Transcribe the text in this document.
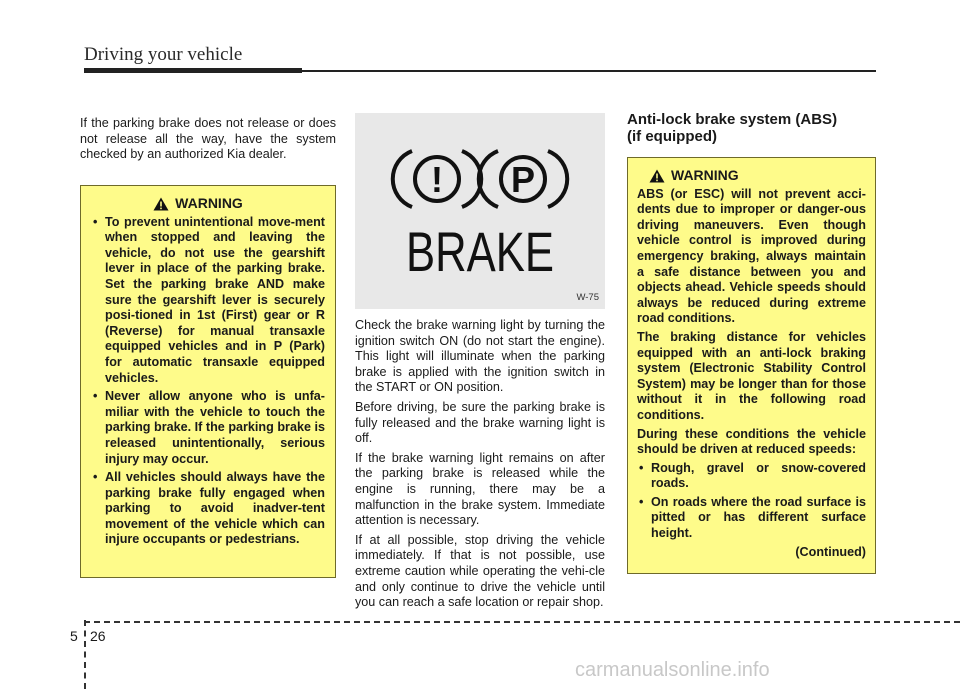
Driving your vehicle

If the parking brake does not release or does not release all the way, have the system checked by an authorized Kia dealer.

WARNING
• To prevent unintentional move-ment when stopped and leaving the vehicle, do not use the gearshift lever in place of the parking brake. Set the parking brake AND make sure the gearshift lever is securely posi-tioned in 1st (First) gear or R (Reverse) for manual transaxle equipped vehicles and in P (Park) for automatic transaxle equipped vehicles.
• Never allow anyone who is unfa-miliar with the vehicle to touch the parking brake. If the parking brake is released unintentionally, serious injury may occur.
• All vehicles should always have the parking brake fully engaged when parking to avoid inadver-tent movement of the vehicle which can injure occupants or pedestrians.
! P
BRAKE
W-75

Check the brake warning light by turning the ignition switch ON (do not start the engine). This light will illuminate when the parking brake is applied with the ignition switch in the START or ON position.

Before driving, be sure the parking brake is fully released and the brake warning light is off.

If the brake warning light remains on after the parking brake is released while the engine is running, there may be a malfunction in the brake system. Immediate attention is necessary.

If at all possible, stop driving the vehicle immediately. If that is not possible, use extreme caution while operating the vehi-cle and only continue to drive the vehicle until you can reach a safe location or repair shop.

Anti-lock brake system (ABS)
(if equipped)
WARNING

ABS (or ESC) will not prevent acci-dents due to improper or danger-ous driving maneuvers. Even though vehicle control is improved during emergency braking, always maintain a safe distance between you and objects ahead. Vehicle speeds should always be reduced during extreme road conditions.

The braking distance for vehicles equipped with an anti-lock braking system (Electronic Stability Control System) may be longer than for those without it in the following road conditions.

During these conditions the vehicle should be driven at reduced speeds:

• Rough, gravel or snow-covered roads.
• On roads where the road surface is pitted or has different surface height.
(Continued)
5 26
carmanualsonline.info
